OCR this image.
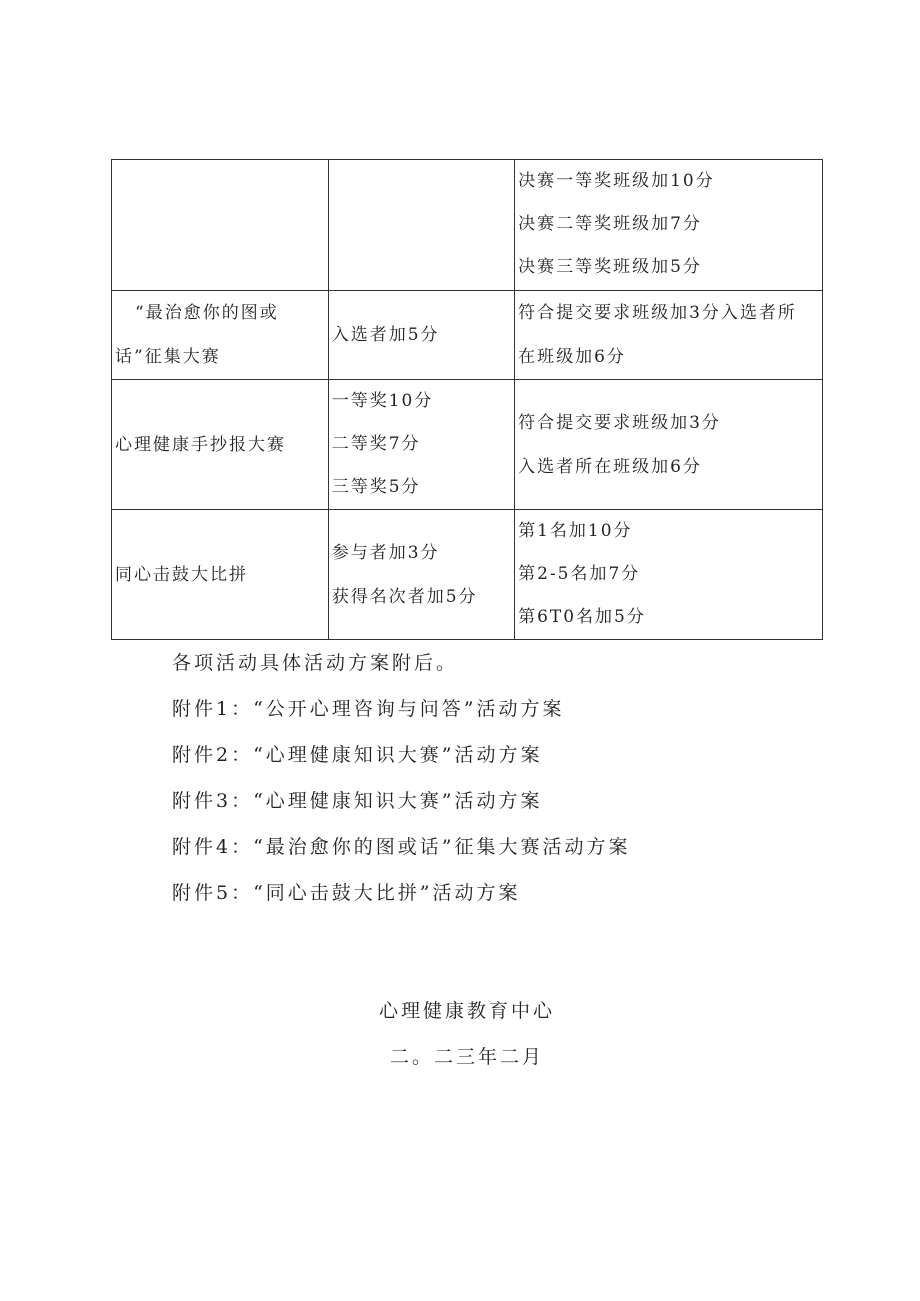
		决赛一等奖班级加10分
决赛二等奖班级加7分
决赛三等奖班级加5分

“最治愈你的图或
话”征集大赛	入选者加5分	符合提交要求班级加3分入选者所
在班级加6分

心理健康手抄报大赛	一等奖10分
二等奖7分
三等奖5分	符合提交要求班级加3分
入选者所在班级加6分

同心击鼓大比拼	参与者加3分
获得名次者加5分	第1名加10分
第2-5名加7分
第6T0名加5分
各项活动具体活动方案附后。
附件1：“公开心理咨询与问答”活动方案
附件2：“心理健康知识大赛”活动方案
附件3：“心理健康知识大赛”活动方案
附件4：“最治愈你的图或话”征集大赛活动方案
附件5：“同心击鼓大比拼”活动方案
心理健康教育中心
二。二三年二月
